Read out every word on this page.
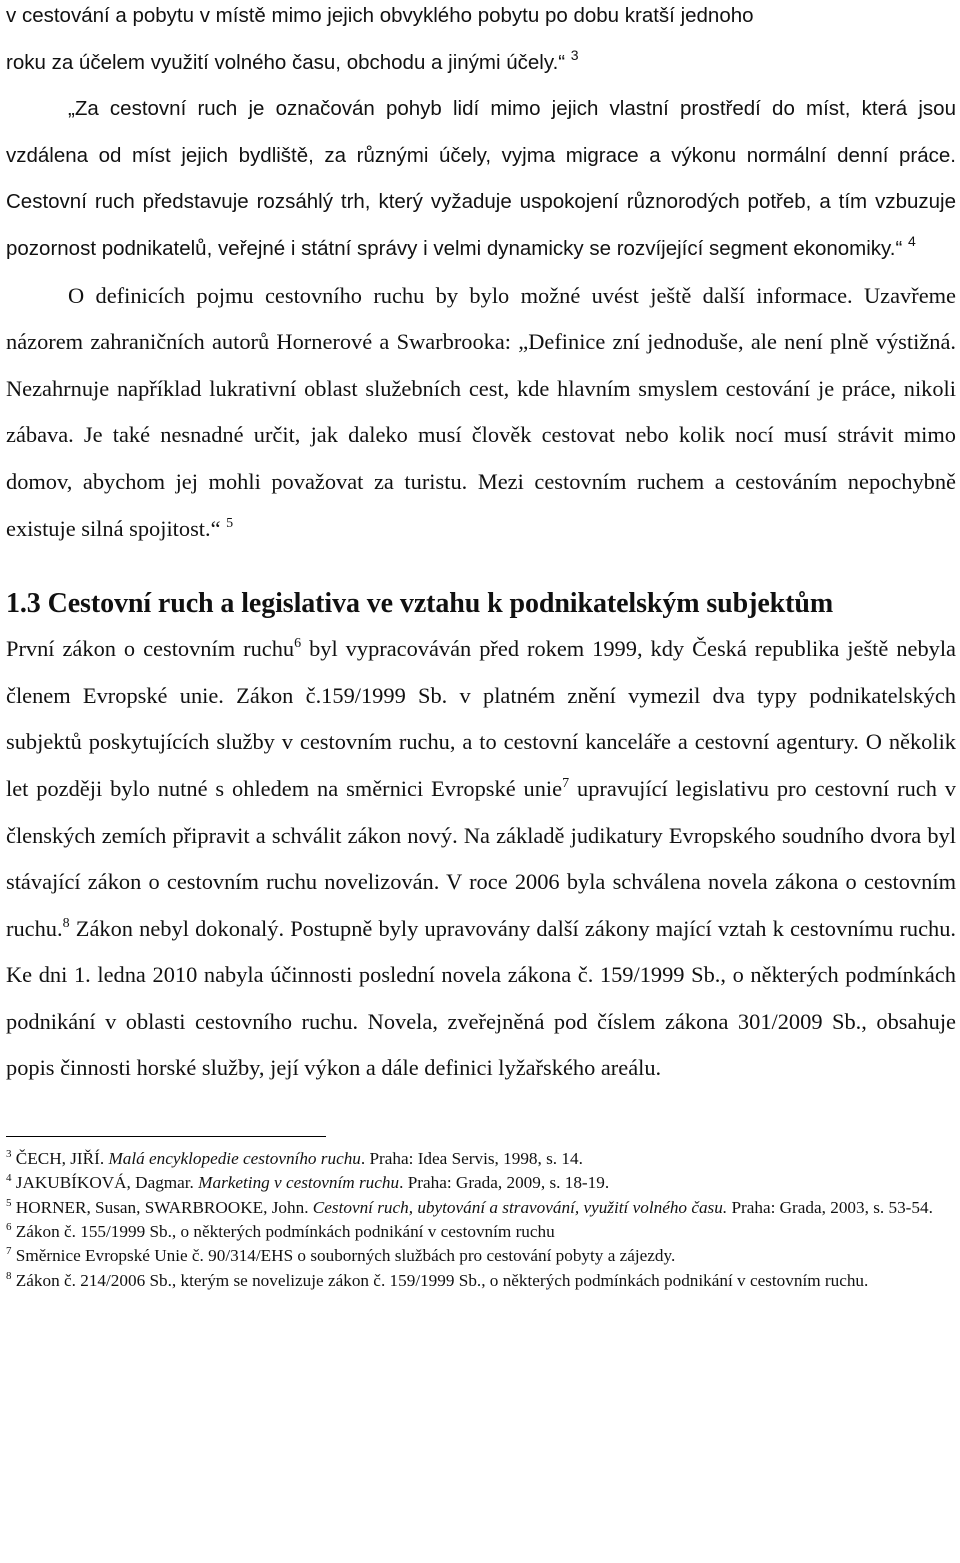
v cestování a pobytu v místě mimo jejich obvyklého pobytu po dobu kratší jednoho
roku za účelem využití volného času, obchodu a jinými účely.“ $^3$

„Za cestovní ruch je označován pohyb lidí mimo jejich vlastní prostředí do míst, která jsou vzdálena od míst jejich bydliště, za různými účely, vyjma migrace a výkonu normální denní práce. Cestovní ruch představuje rozsáhlý trh, který vyžaduje uspokojení různorodých potřeb, a tím vzbuzuje pozornost podnikatelů, veřejné i státní správy i velmi dynamicky se rozvíjející segment ekonomiky.“ $^4$

O definicích pojmu cestovního ruchu by bylo možné uvést ještě další informace. Uzavřeme názorem zahraničních autorů Hornerové a Swarbrooka: „Definice zní jednoduše, ale není plně výstižná. Nezahrnuje například lukrativní oblast služebních cest, kde hlavním smyslem cestování je práce, nikoli zábava. Je také nesnadné určit, jak daleko musí člověk cestovat nebo kolik nocí musí strávit mimo domov, abychom jej mohli považovat za turistu. Mezi cestovním ruchem a cestováním nepochybně existuje silná spojitost.“ $^5$

1.3 Cestovní ruch a legislativa ve vztahu k podnikatelským subjektům

První zákon o cestovním ruchu$^6$ byl vypracováván před rokem 1999, kdy Česká republika ještě nebyla členem Evropské unie. Zákon č.159/1999 Sb. v platném znění vymezil dva typy podnikatelských subjektů poskytujících služby v cestovním ruchu, a to cestovní kanceláře a cestovní agentury. O několik let později bylo nutné s ohledem na směrnici Evropské unie$^7$ upravující legislativu pro cestovní ruch v členských zemích připravit a schválit zákon nový. Na základě judikatury Evropského soudního dvora byl stávající zákon o cestovním ruchu novelizován. V roce 2006 byla schválena novela zákona o cestovním ruchu.$^8$ Zákon nebyl dokonalý. Postupně byly upravovány další zákony mající vztah k cestovnímu ruchu. Ke dni 1. ledna 2010 nabyla účinnosti poslední novela zákona č. 159/1999 Sb., o některých podmínkách podnikání v oblasti cestovního ruchu. Novela, zveřejněná pod číslem zákona 301/2009 Sb., obsahuje popis činnosti horské služby, její výkon a dále definici lyžařského areálu.

$^3$ ČECH, JIŘÍ. Malá encyklopedie cestovního ruchu. Praha: Idea Servis, 1998, s. 14.

$^4$ JAKUBÍKOVÁ, Dagmar. Marketing v cestovním ruchu. Praha: Grada, 2009, s. 18-19.

$^5$ HORNER, Susan, SWARBROOKE, John. Cestovní ruch, ubytování a stravování, využití volného času. Praha: Grada, 2003, s. 53-54.

$^6$ Zákon č. 155/1999 Sb., o některých podmínkách podnikání v cestovním ruchu

$^7$ Směrnice Evropské Unie č. 90/314/EHS o souborných službách pro cestování pobyty a zájezdy.

$^8$ Zákon č. 214/2006 Sb., kterým se novelizuje zákon č. 159/1999 Sb., o některých podmínkách podnikání v cestovním ruchu.
